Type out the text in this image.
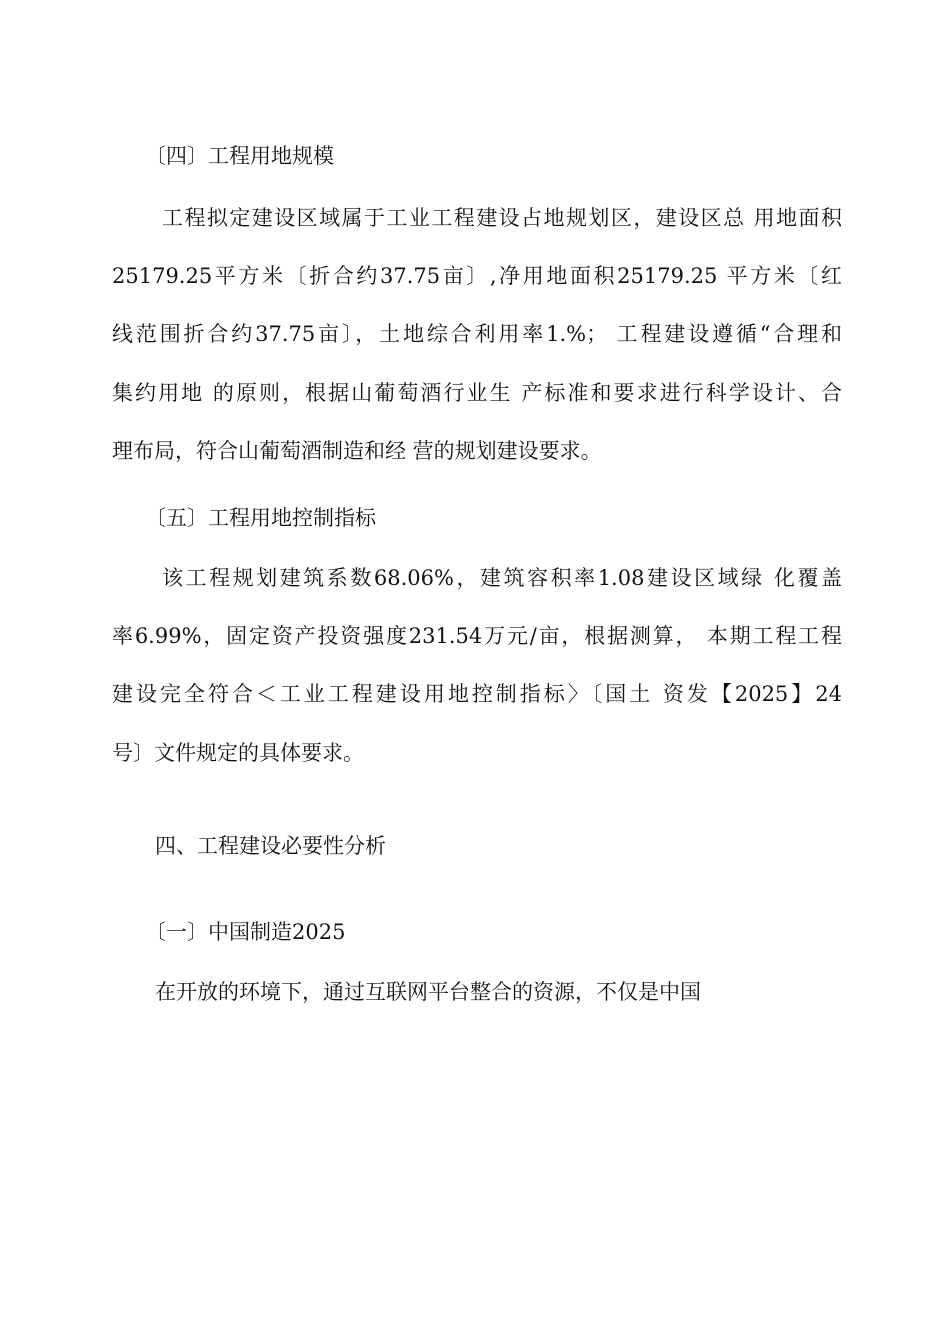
〔四〕工程用地规模
工程拟定建设区域属于工业工程建设占地规划区，建设区总 用地面积
25179.25平方米〔折合约37.75亩〕,净用地面积25179.25 平方米〔红
线范围折合约37.75亩〕，土地综合利用率1.%； 工程建设遵循“合理和
集约用地 的原则，根据山葡萄酒行业生 产标准和要求进行科学设计、合
理布局，符合山葡萄酒制造和经 营的规划建设要求。
〔五〕工程用地控制指标
该工程规划建筑系数68.06%，建筑容积率1.08建设区域绿 化覆盖
率6.99%，固定资产投资强度231.54万元/亩，根据测算， 本期工程工程
建设完全符合＜工业工程建设用地控制指标〉〔国土 资发【2025】24
号〕文件规定的具体要求。
四、工程建设必要性分析
〔一〕中国制造2025
在开放的环境下，通过互联网平台整合的资源，不仅是中国
